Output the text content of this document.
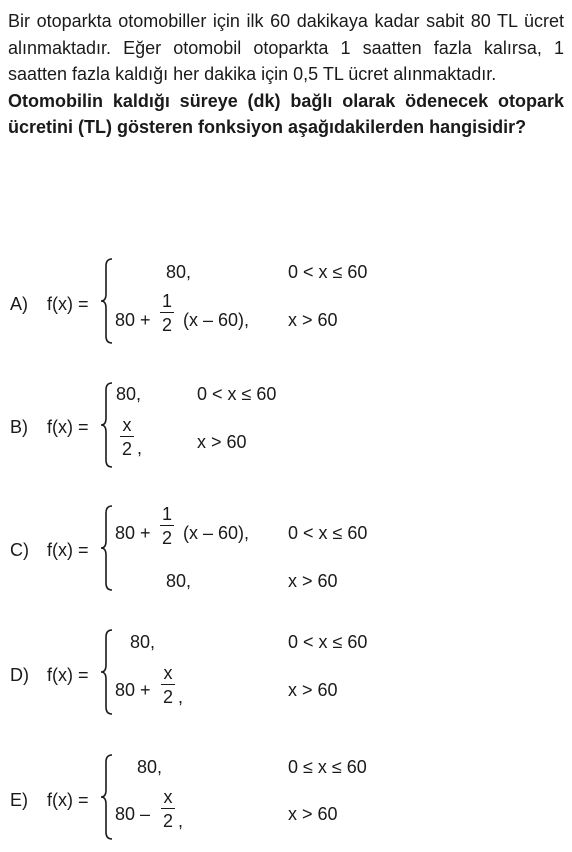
Bir otoparkta otomobiller için ilk 60 dakikaya kadar sabit 80 TL ücret alınmaktadır. Eğer otomobil otoparkta 1 saatten fazla kalırsa, 1 saatten fazla kaldığı her dakika için 0,5 TL ücret alınmaktadır.

Otomobilin kaldığı süreye (dk) bağlı olarak ödenecek otopark ücretini (TL) gösteren fonksiyon aşağıdakilerden hangisidir?

A) f(x) =
80,	0 < x ≤ 60
80 +
1
2 (x – 60), x > 60
B) f(x) =
80,	0 < x ≤ 60
x
2 ,	x > 60
C) f(x) =
80 +
1
2 (x – 60), 0 < x ≤ 60
80,	x > 60
D) f(x) =
80,	0 < x ≤ 60
80 +
x
2 ,	x > 60
E) f(x) =
80,	0 ≤ x ≤ 60
80 –
x
2 ,	x > 60
